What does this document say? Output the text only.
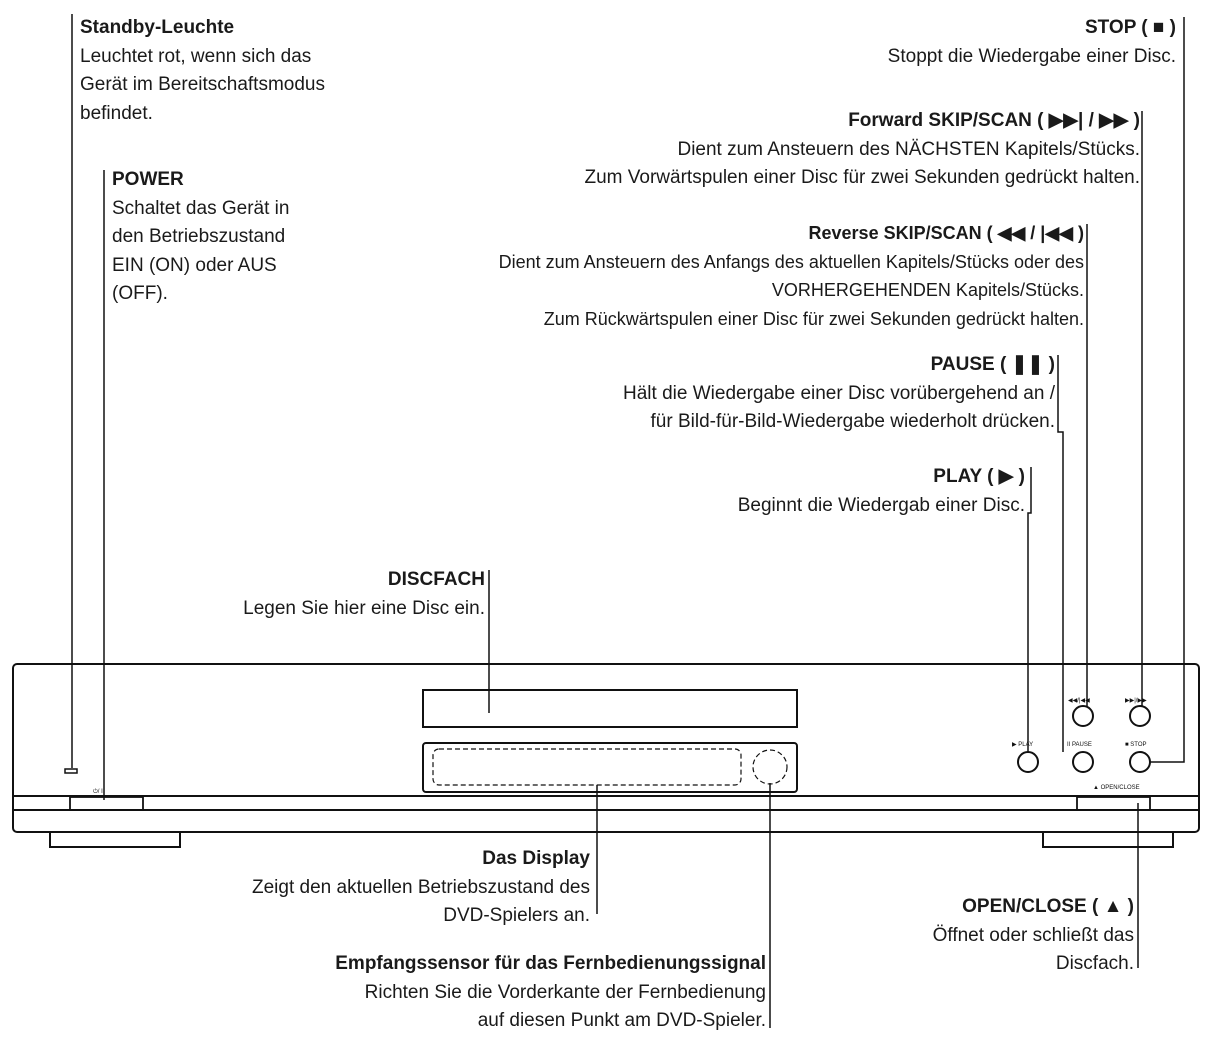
⏻/ I
▶ PLAY	II PAUSE	■ STOP
◀◀/|◀◀	▶▶|/▶▶
▲ OPEN/CLOSE
Standby-Leuchte
Leuchtet rot, wenn sich das
Gerät im Bereitschaftsmodus
befindet.
POWER
Schaltet das Gerät in
den Betriebszustand
EIN (ON) oder AUS
(OFF).
STOP ( ■ )
Stoppt die Wiedergabe einer Disc.
Forward SKIP/SCAN ( ▶▶| / ▶▶ )
Dient zum Ansteuern des NÄCHSTEN Kapitels/Stücks.
Zum Vorwärtspulen einer Disc für zwei Sekunden gedrückt halten.
Reverse SKIP/SCAN ( ◀◀ / |◀◀ )
Dient zum Ansteuern des Anfangs des aktuellen Kapitels/Stücks oder des
VORHERGEHENDEN Kapitels/Stücks.
Zum Rückwärtspulen einer Disc für zwei Sekunden gedrückt halten.
PAUSE ( ❚❚ )
Hält die Wiedergabe einer Disc vorübergehend an /
für Bild-für-Bild-Wiedergabe wiederholt drücken.
PLAY ( ▶ )
Beginnt die Wiedergab einer Disc.
DISCFACH
Legen Sie hier eine Disc ein.
Das Display
Zeigt den aktuellen Betriebszustand des
DVD-Spielers an.	OPEN/CLOSE ( ▲ )
Öffnet oder schließt das
Discfach.
Empfangssensor für das Fernbedienungssignal
Richten Sie die Vorderkante der Fernbedienung
auf diesen Punkt am DVD-Spieler.
